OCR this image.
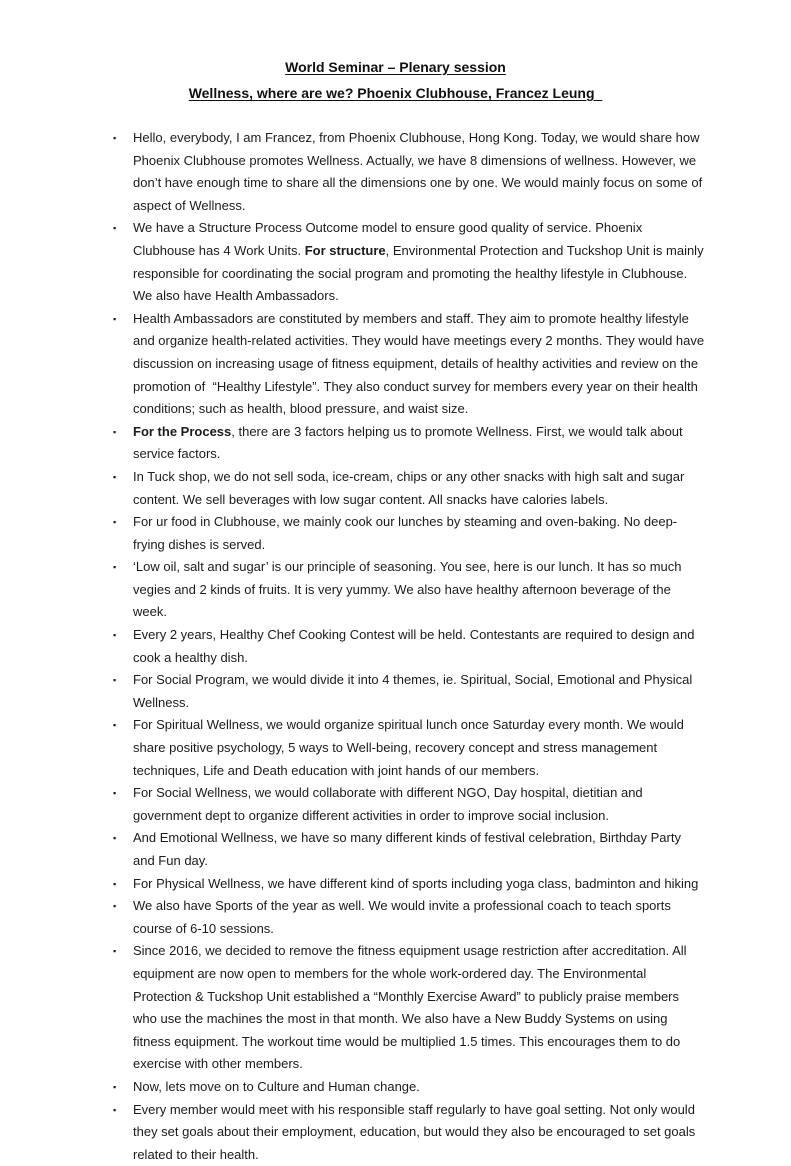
World Seminar – Plenary session
Wellness, where are we? Phoenix Clubhouse, Francez Leung
▪ Hello, everybody, I am Francez, from Phoenix Clubhouse, Hong Kong. Today, we would share how Phoenix Clubhouse promotes Wellness. Actually, we have 8 dimensions of wellness. However, we don’t have enough time to share all the dimensions one by one. We would mainly focus on some of aspect of Wellness.
▪ We have a Structure Process Outcome model to ensure good quality of service. Phoenix Clubhouse has 4 Work Units. For structure, Environmental Protection and Tuckshop Unit is mainly responsible for coordinating the social program and promoting the healthy lifestyle in Clubhouse. We also have Health Ambassadors.
▪ Health Ambassadors are constituted by members and staff. They aim to promote healthy lifestyle and organize health-related activities. They would have meetings every 2 months. They would have discussion on increasing usage of fitness equipment, details of healthy activities and review on the promotion of  “Healthy Lifestyle”. They also conduct survey for members every year on their health conditions; such as health, blood pressure, and waist size.
▪ For the Process, there are 3 factors helping us to promote Wellness. First, we would talk about service factors.
▪ In Tuck shop, we do not sell soda, ice-cream, chips or any other snacks with high salt and sugar content. We sell beverages with low sugar content. All snacks have calories labels.
▪ For ur food in Clubhouse, we mainly cook our lunches by steaming and oven-baking. No deep-frying dishes is served.
▪ ‘Low oil, salt and sugar’ is our principle of seasoning. You see, here is our lunch. It has so much vegies and 2 kinds of fruits. It is very yummy. We also have healthy afternoon beverage of the week.
▪ Every 2 years, Healthy Chef Cooking Contest will be held. Contestants are required to design and cook a healthy dish.
▪ For Social Program, we would divide it into 4 themes, ie. Spiritual, Social, Emotional and Physical Wellness.
▪ For Spiritual Wellness, we would organize spiritual lunch once Saturday every month. We would share positive psychology, 5 ways to Well-being, recovery concept and stress management techniques, Life and Death education with joint hands of our members.
▪ For Social Wellness, we would collaborate with different NGO, Day hospital, dietitian and government dept to organize different activities in order to improve social inclusion.
▪ And Emotional Wellness, we have so many different kinds of festival celebration, Birthday Party and Fun day.
▪ For Physical Wellness, we have different kind of sports including yoga class, badminton and hiking
▪ We also have Sports of the year as well. We would invite a professional coach to teach sports course of 6-10 sessions.
▪ Since 2016, we decided to remove the fitness equipment usage restriction after accreditation. All equipment are now open to members for the whole work-ordered day. The Environmental Protection & Tuckshop Unit established a “Monthly Exercise Award” to publicly praise members who use the machines the most in that month. We also have a New Buddy Systems on using fitness equipment. The workout time would be multiplied 1.5 times. This encourages them to do exercise with other members.
▪ Now, lets move on to Culture and Human change.
▪ Every member would meet with his responsible staff regularly to have goal setting. Not only would they set goals about their employment, education, but would they also be encouraged to set goals related to their health.
